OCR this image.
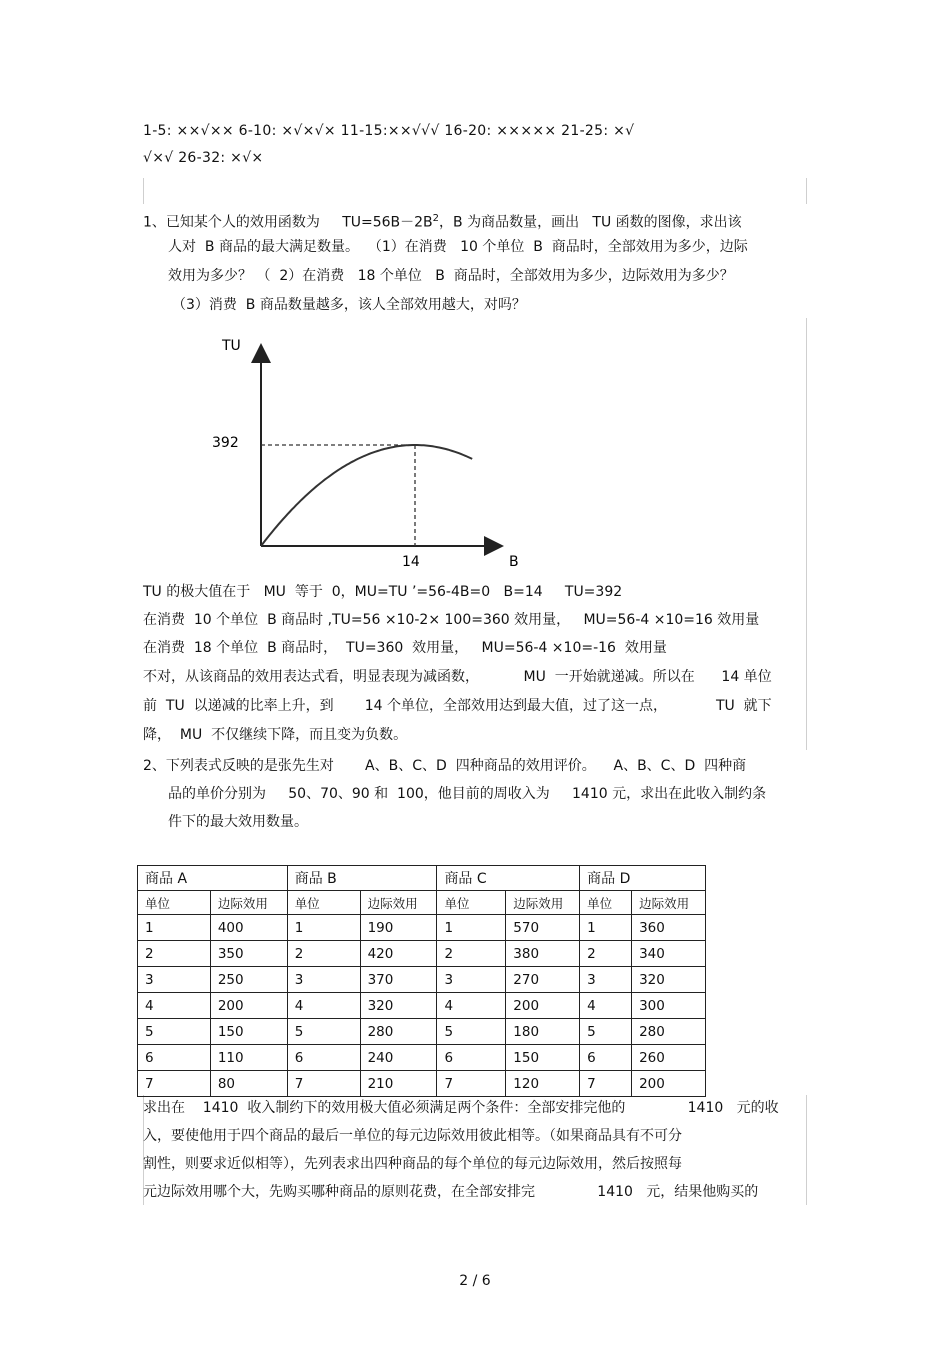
1-5: ××√×× 6-10: ×√×√× 11-15:××√√√ 16-20: ××××× 21-25: ×√
√×√ 26-32: ×√×
1、已知某个人的效用函数为 $TU=56B-2B^2$，B 为商品数量，画出   TU 函数的图像，求出该
人对  B 商品的最大满足数量。  （1）在消费   10 个单位  B  商品时，全部效用为多少，边际
效用为多少？ （  2）在消费   18 个单位   B  商品时，全部效用为多少，边际效用为多少？
（3）消费  B 商品数量越多，该人全部效用越大，对吗？
TU
B
392
14
TU 的极大值在于   MU  等于  0，MU=TU ’=56-4B=0   B=14     TU=392
在消费  10 个单位  B 商品时 ,TU=56 ×10-2× 100=360 效用量，   MU=56-4 ×10=16 效用量
在消费  18 个单位  B 商品时，  TU=360  效用量，   MU=56-4 ×10=-16  效用量
不对，从该商品的效用表达式看，明显表现为减函数，          MU  一开始就递减。所以在      14 单位
前  TU  以递减的比率上升，到       14 个单位，全部效用达到最大值，过了这一点，           TU  就下
降，  MU  不仅继续下降，而且变为负数。
2、下列表式反映的是张先生对       A、B、C、D  四种商品的效用评价。    A、B、C、D  四种商
品的单价分别为     50、70、90 和  100，他目前的周收入为     1410 元，求出在此收入制约条
件下的最大效用数量。
商品 A		商品 B		商品 C		商品 D	
单位	边际效用	单位	边际效用	单位	边际效用	单位	边际效用
1	400	1	190	1	570	1	360
2	350	2	420	2	380	2	340
3	250	3	370	3	270	3	320
4	200	4	320	4	200	4	300
5	150	5	280	5	180	5	280
6	110	6	240	6	150	6	260
7	80	7	210	7	120	7	200
求出在    1410  收入制约下的效用极大值必须满足两个条件：全部安排完他的              1410   元的收
入，要使他用于四个商品的最后一单位的每元边际效用彼此相等。（如果商品具有不可分
割性，则要求近似相等），先列表求出四种商品的每个单位的每元边际效用，然后按照每
元边际效用哪个大，先购买哪种商品的原则花费，在全部安排完              1410   元，结果他购买的
2 / 6
